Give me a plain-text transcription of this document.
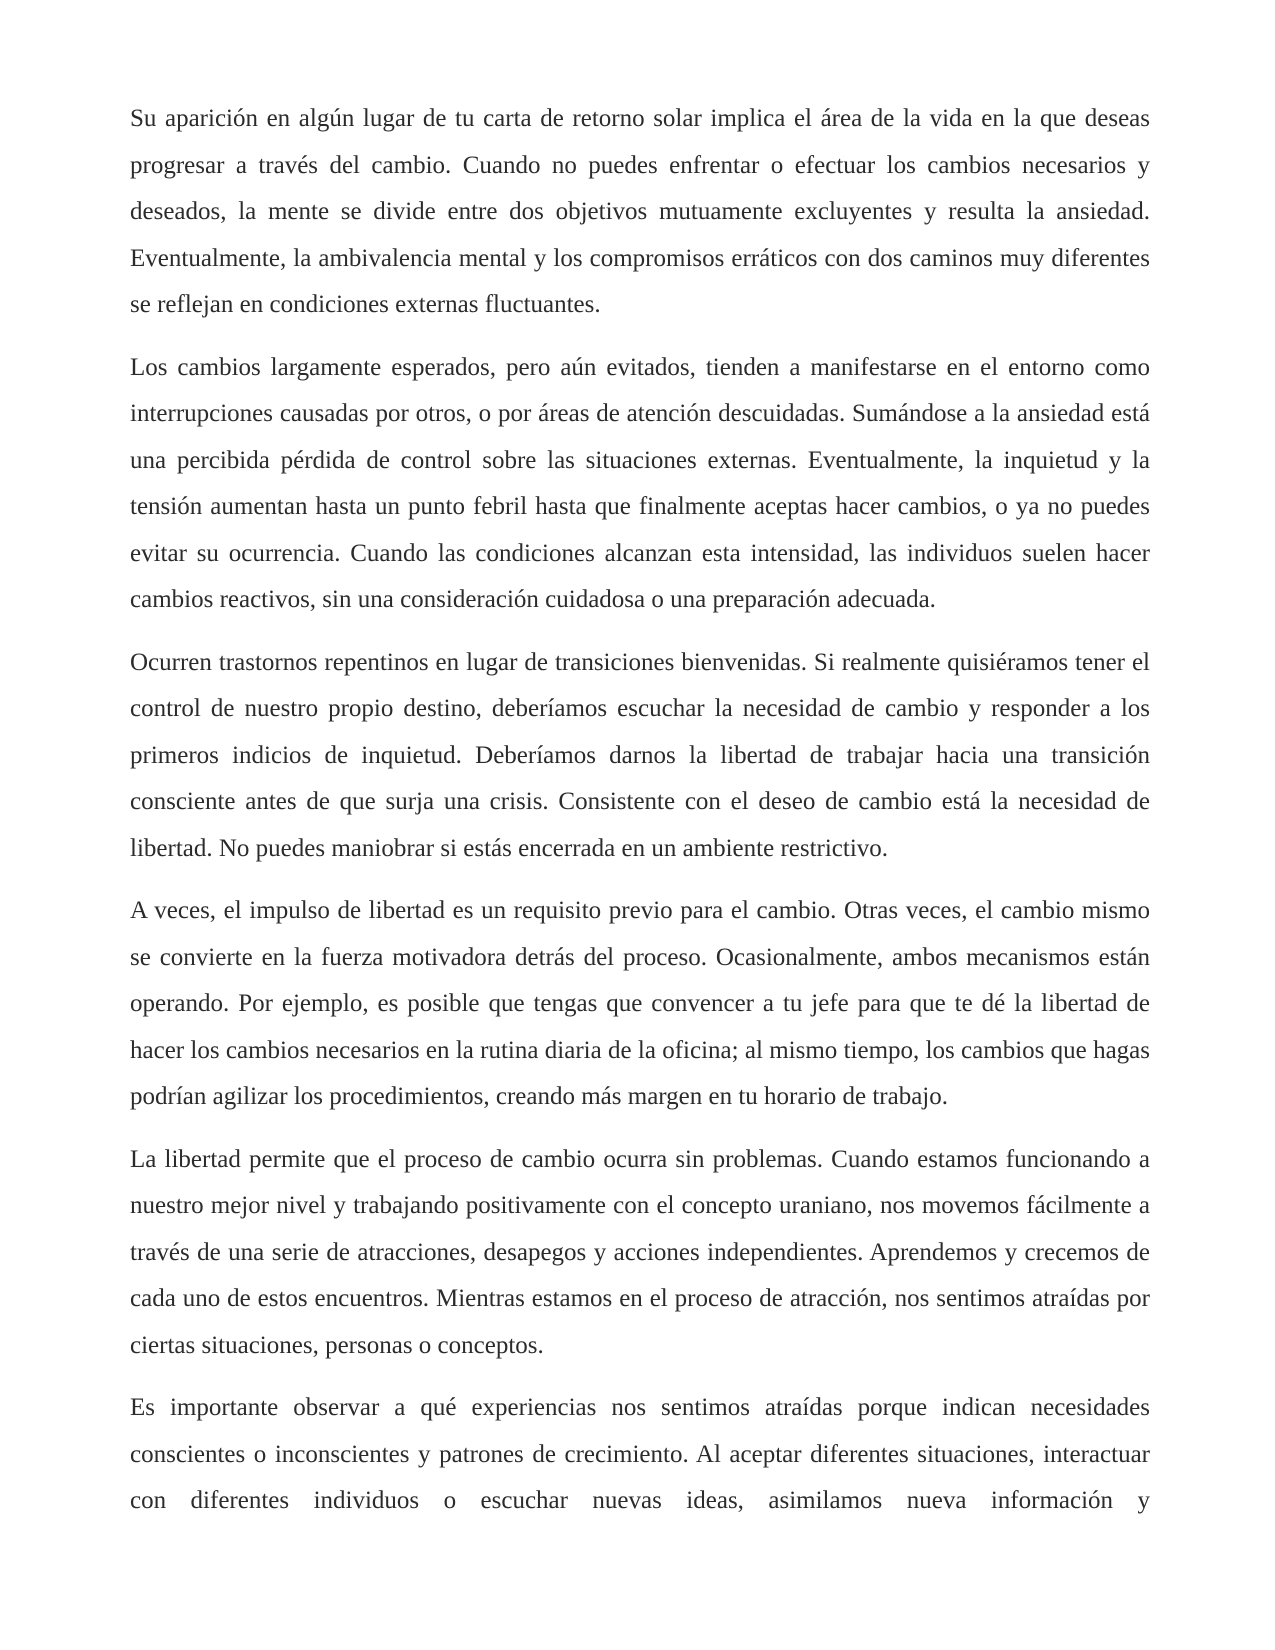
Su aparición en algún lugar de tu carta de retorno solar implica el área de la vida en la que deseas progresar a través del cambio. Cuando no puedes enfrentar o efectuar los cambios necesarios y deseados, la mente se divide entre dos objetivos mutuamente excluyentes y resulta la ansiedad. Eventualmente, la ambivalencia mental y los compromisos erráticos con dos caminos muy diferentes se reflejan en condiciones externas fluctuantes.

Los cambios largamente esperados, pero aún evitados, tienden a manifestarse en el entorno como interrupciones causadas por otros, o por áreas de atención descuidadas. Sumándose a la ansiedad está una percibida pérdida de control sobre las situaciones externas. Eventualmente, la inquietud y la tensión aumentan hasta un punto febril hasta que finalmente aceptas hacer cambios, o ya no puedes evitar su ocurrencia. Cuando las condiciones alcanzan esta intensidad, las individuos suelen hacer cambios reactivos, sin una consideración cuidadosa o una preparación adecuada.

Ocurren trastornos repentinos en lugar de transiciones bienvenidas. Si realmente quisiéramos tener el control de nuestro propio destino, deberíamos escuchar la necesidad de cambio y responder a los primeros indicios de inquietud. Deberíamos darnos la libertad de trabajar hacia una transición consciente antes de que surja una crisis. Consistente con el deseo de cambio está la necesidad de libertad. No puedes maniobrar si estás encerrada en un ambiente restrictivo.

A veces, el impulso de libertad es un requisito previo para el cambio. Otras veces, el cambio mismo se convierte en la fuerza motivadora detrás del proceso. Ocasionalmente, ambos mecanismos están operando. Por ejemplo, es posible que tengas que convencer a tu jefe para que te dé la libertad de hacer los cambios necesarios en la rutina diaria de la oficina; al mismo tiempo, los cambios que hagas podrían agilizar los procedimientos, creando más margen en tu horario de trabajo.

La libertad permite que el proceso de cambio ocurra sin problemas. Cuando estamos funcionando a nuestro mejor nivel y trabajando positivamente con el concepto uraniano, nos movemos fácilmente a través de una serie de atracciones, desapegos y acciones independientes. Aprendemos y crecemos de cada uno de estos encuentros. Mientras estamos en el proceso de atracción, nos sentimos atraídas por ciertas situaciones, personas o conceptos.

Es importante observar a qué experiencias nos sentimos atraídas porque indican necesidades conscientes o inconscientes y patrones de crecimiento. Al aceptar diferentes situaciones, interactuar con diferentes individuos o escuchar nuevas ideas, asimilamos nueva información y
